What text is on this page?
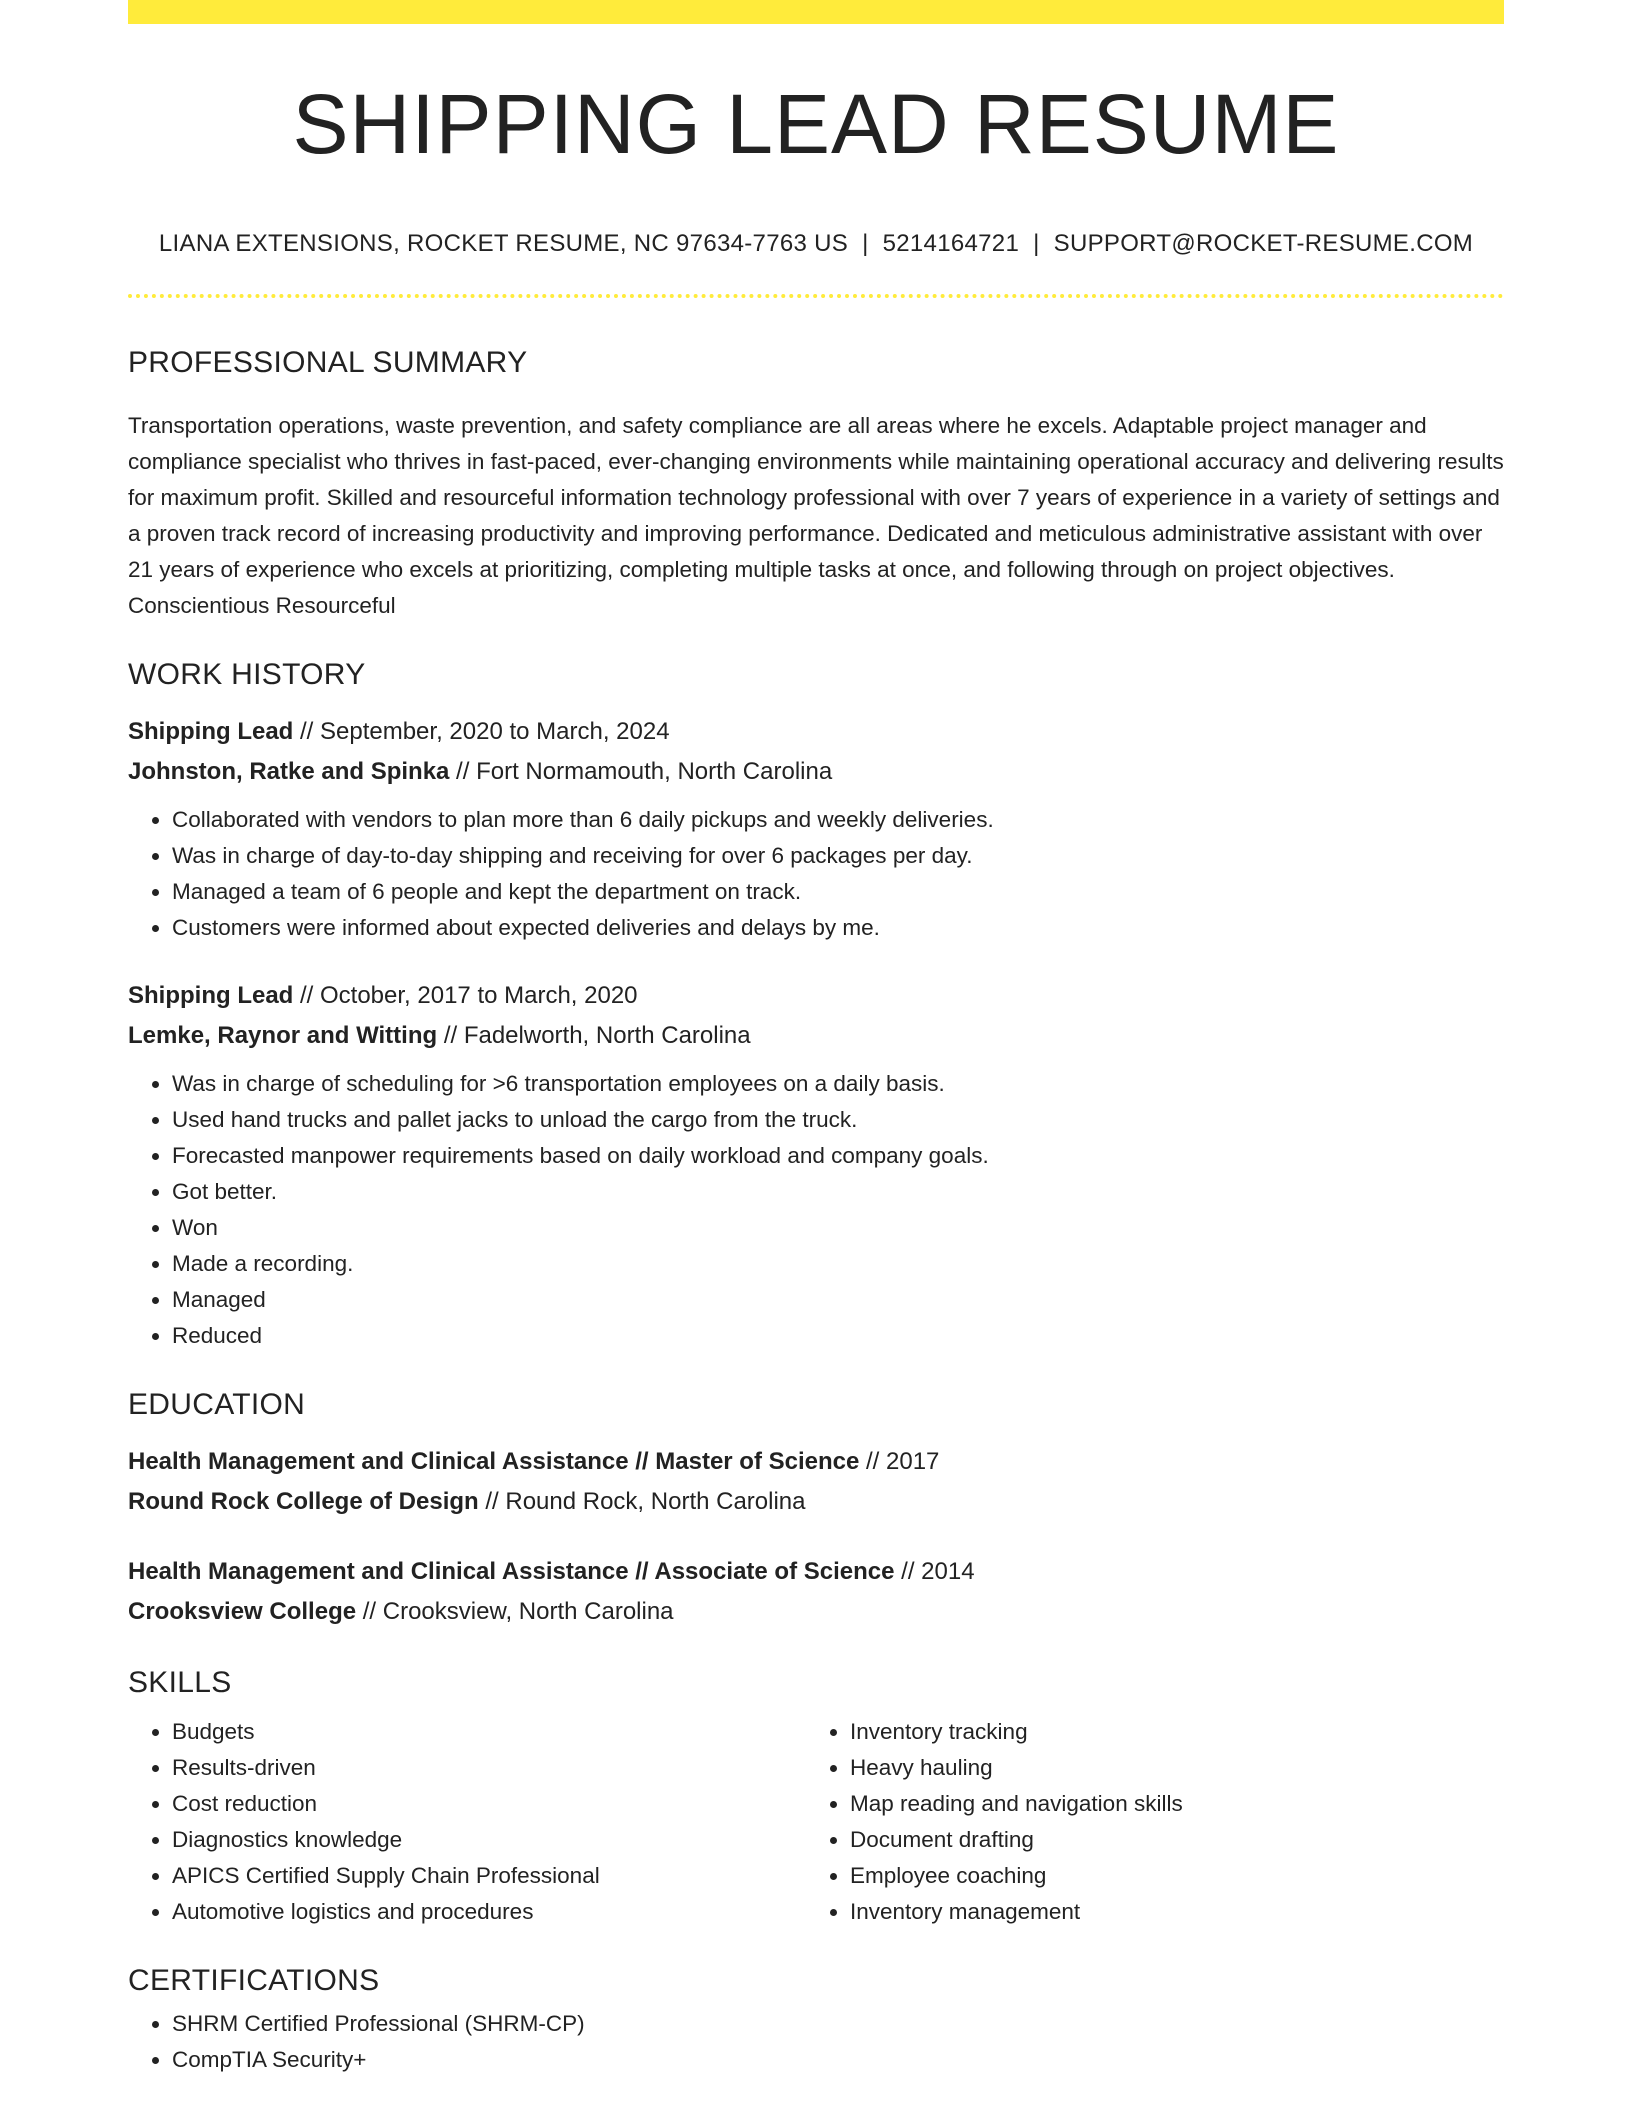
SHIPPING LEAD RESUME
LIANA EXTENSIONS, ROCKET RESUME, NC 97634-7763 US | 5214164721 | SUPPORT@ROCKET-RESUME.COM
PROFESSIONAL SUMMARY
Transportation operations, waste prevention, and safety compliance are all areas where he excels. Adaptable project manager and compliance specialist who thrives in fast-paced, ever-changing environments while maintaining operational accuracy and delivering results for maximum profit. Skilled and resourceful information technology professional with over 7 years of experience in a variety of settings and a proven track record of increasing productivity and improving performance. Dedicated and meticulous administrative assistant with over 21 years of experience who excels at prioritizing, completing multiple tasks at once, and following through on project objectives. Conscientious Resourceful
WORK HISTORY
Shipping Lead // September, 2020 to March, 2024
Johnston, Ratke and Spinka // Fort Normamouth, North Carolina
• Collaborated with vendors to plan more than 6 daily pickups and weekly deliveries.
• Was in charge of day-to-day shipping and receiving for over 6 packages per day.
• Managed a team of 6 people and kept the department on track.
• Customers were informed about expected deliveries and delays by me.
Shipping Lead // October, 2017 to March, 2020
Lemke, Raynor and Witting // Fadelworth, North Carolina
• Was in charge of scheduling for >6 transportation employees on a daily basis.
• Used hand trucks and pallet jacks to unload the cargo from the truck.
• Forecasted manpower requirements based on daily workload and company goals.
• Got better.
• Won
• Made a recording.
• Managed
• Reduced
EDUCATION
Health Management and Clinical Assistance // Master of Science // 2017
Round Rock College of Design // Round Rock, North Carolina
Health Management and Clinical Assistance // Associate of Science // 2014
Crooksview College // Crooksview, North Carolina
SKILLS
• Budgets
• Results-driven
• Cost reduction
• Diagnostics knowledge
• APICS Certified Supply Chain Professional
• Automotive logistics and procedures
• Inventory tracking
• Heavy hauling
• Map reading and navigation skills
• Document drafting
• Employee coaching
• Inventory management
CERTIFICATIONS
• SHRM Certified Professional (SHRM-CP)
• CompTIA Security+
